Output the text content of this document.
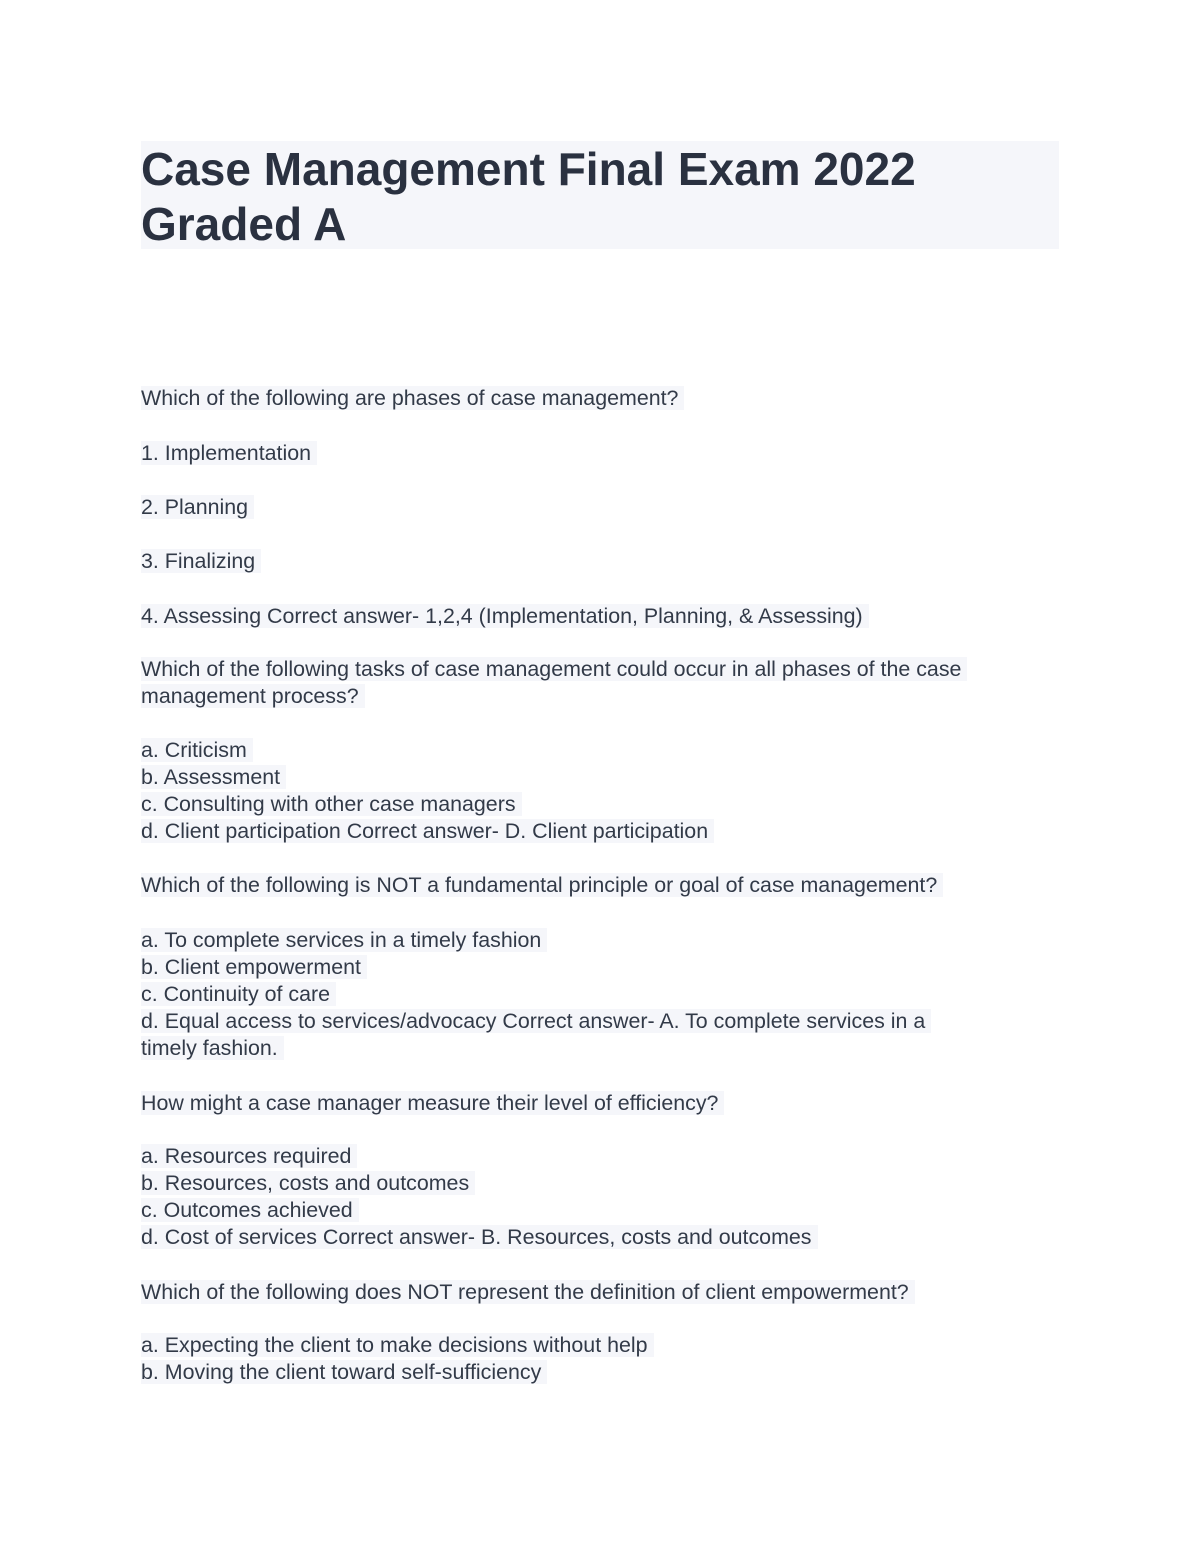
Case Management Final Exam 2022
Graded A
Which of the following are phases of case management?
1. Implementation
2. Planning
3. Finalizing
4. Assessing Correct answer- 1,2,4 (Implementation, Planning, & Assessing)
Which of the following tasks of case management could occur in all phases of the case
management process?
a. Criticism
b. Assessment
c. Consulting with other case managers
d. Client participation Correct answer- D. Client participation
Which of the following is NOT a fundamental principle or goal of case management?
a. To complete services in a timely fashion
b. Client empowerment
c. Continuity of care
d. Equal access to services/advocacy Correct answer- A. To complete services in a
timely fashion.
How might a case manager measure their level of efficiency?
a. Resources required
b. Resources, costs and outcomes
c. Outcomes achieved
d. Cost of services Correct answer- B. Resources, costs and outcomes
Which of the following does NOT represent the definition of client empowerment?
a. Expecting the client to make decisions without help
b. Moving the client toward self-sufficiency
